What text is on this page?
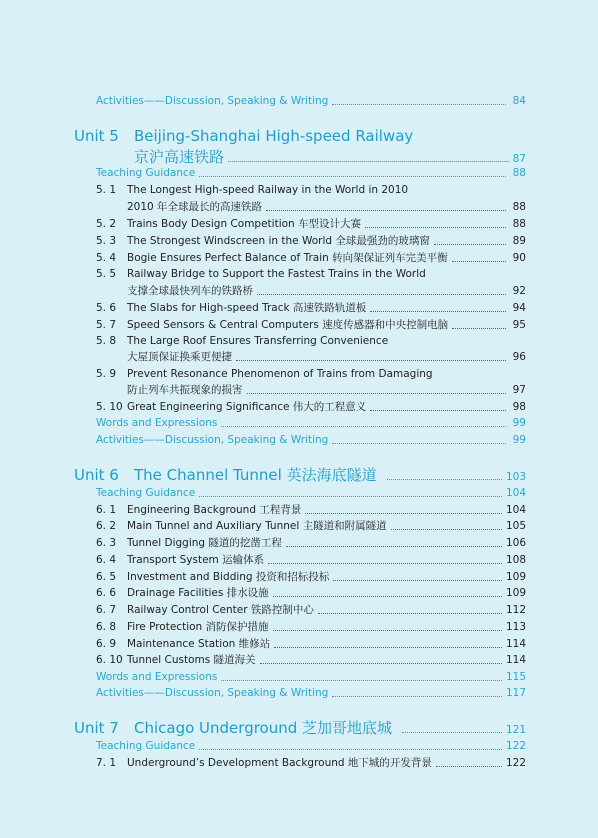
Activities——Discussion, Speaking & Writing	84
Unit 5 Beijing-Shanghai High-speed Railway
京沪高速铁路	87
Teaching Guidance	88
5. 1	The Longest High-speed Railway in the World in 2010
2010 年全球最长的高速铁路	88
5. 2	Trains Body Design Competition 车型设计大赛	88
5. 3	The Strongest Windscreen in the World 全球最强劲的玻璃窗	89
5. 4	Bogie Ensures Perfect Balance of Train 转向架保证列车完美平衡	90
5. 5	Railway Bridge to Support the Fastest Trains in the World
支撑全球最快列车的铁路桥	92
5. 6	The Slabs for High-speed Track 高速铁路轨道板	94
5. 7	Speed Sensors & Central Computers 速度传感器和中央控制电脑	95
5. 8	The Large Roof Ensures Transferring Convenience
大屋顶保证换乘更便捷	96
5. 9	Prevent Resonance Phenomenon of Trains from Damaging
防止列车共振现象的损害	97
5. 10 Great Engineering Significance 伟大的工程意义	98
Words and Expressions	99
Activities——Discussion, Speaking & Writing	99
Unit 6	The Channel Tunnel 英法海底隧道	103
Teaching Guidance	104
6. 1	Engineering Background 工程背景	104
6. 2	Main Tunnel and Auxiliary Tunnel 主隧道和附属隧道	105
6. 3	Tunnel Digging 隧道的挖凿工程	106
6. 4	Transport System 运输体系	108
6. 5	Investment and Bidding 投资和招标投标	109
6. 6	Drainage Facilities 排水设施	109
6. 7	Railway Control Center 铁路控制中心	112
6. 8	Fire Protection 消防保护措施	113
6. 9	Maintenance Station 维修站	114
6. 10 Tunnel Customs 隧道海关	114
Words and Expressions	115
Activities——Discussion, Speaking & Writing	117
Unit 7	Chicago Underground 芝加哥地底城	121
Teaching Guidance	122
7. 1	Underground’s Development Background 地下城的开发背景	122
